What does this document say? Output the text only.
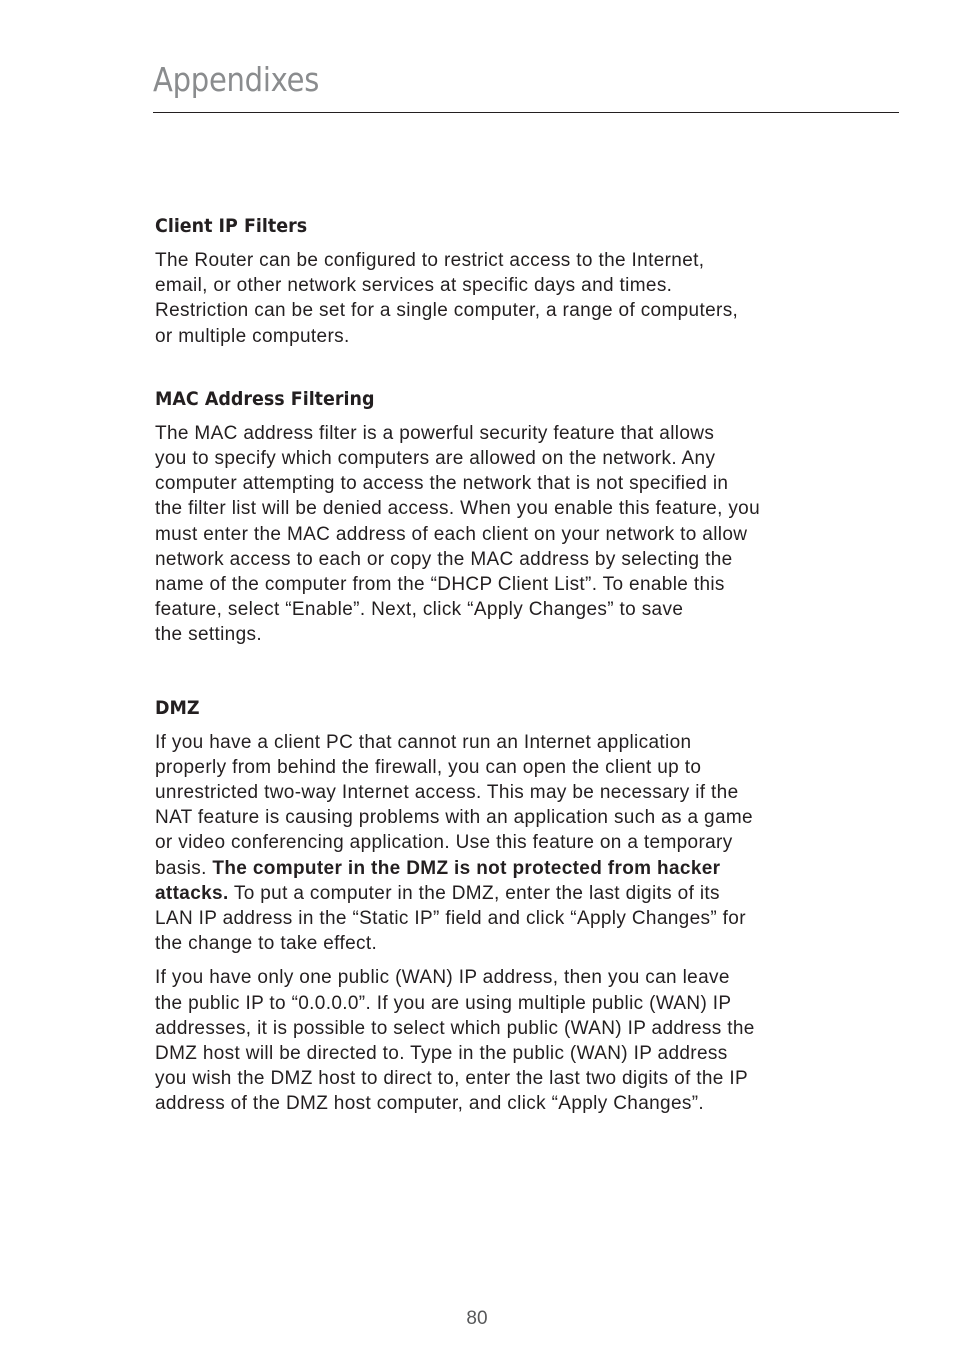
Appendixes
Client IP Filters

The Router can be configured to restrict access to the Internet,
email, or other network services at specific days and times.
Restriction can be set for a single computer, a range of computers,
or multiple computers.

MAC Address Filtering

The MAC address filter is a powerful security feature that allows
you to specify which computers are allowed on the network. Any
computer attempting to access the network that is not specified in
the filter list will be denied access. When you enable this feature, you
must enter the MAC address of each client on your network to allow
network access to each or copy the MAC address by selecting the
name of the computer from the “DHCP Client List”. To enable this
feature, select “Enable”. Next, click “Apply Changes” to save
the settings.

DMZ

If you have a client PC that cannot run an Internet application
properly from behind the firewall, you can open the client up to
unrestricted two-way Internet access. This may be necessary if the
NAT feature is causing problems with an application such as a game
or video conferencing application. Use this feature on a temporary
basis. The computer in the DMZ is not protected from hacker
attacks. To put a computer in the DMZ, enter the last digits of its
LAN IP address in the “Static IP” field and click “Apply Changes” for
the change to take effect.

If you have only one public (WAN) IP address, then you can leave
the public IP to “0.0.0.0”. If you are using multiple public (WAN) IP
addresses, it is possible to select which public (WAN) IP address the
DMZ host will be directed to. Type in the public (WAN) IP address
you wish the DMZ host to direct to, enter the last two digits of the IP
address of the DMZ host computer, and click “Apply Changes”.

80
